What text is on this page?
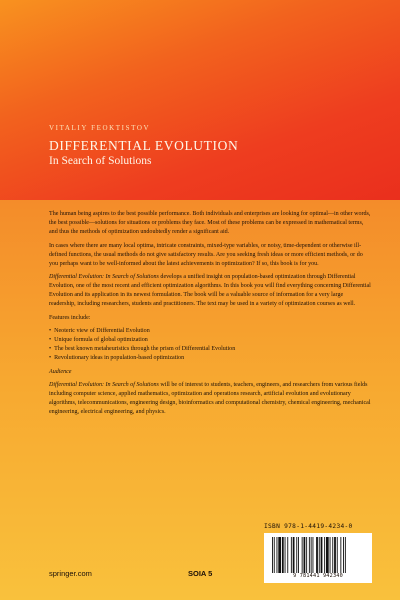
VITALIY FEOKTISTOV
DIFFERENTIAL EVOLUTION
In Search of Solutions

The human being aspires to the best possible performance. Both individuals and enterprises are looking for optimal—in other words, the best possible—solutions for situations or problems they face. Most of these problems can be expressed in mathematical terms, and thus the methods of optimization undoubtedly render a significant aid.

In cases where there are many local optima, intricate constraints, mixed-type variables, or noisy, time-dependent or otherwise ill-defined functions, the usual methods do not give satisfactory results. Are you seeking fresh ideas or more efficient methods, or do you perhaps want to be well-informed about the latest achievements in optimization? If so, this book is for you.

Differential Evolution: In Search of Solutions develops a unified insight on population-based optimization through Differential Evolution, one of the most recent and efficient optimization algorithms. In this book you will find everything concerning Differential Evolution and its application in its newest formulation. The book will be a valuable source of information for a very large readership, including researchers, students and practitioners. The text may be used in a variety of optimization courses as well.

Features include:

• Neoteric view of Differential Evolution
• Unique formula of global optimization
• The best known metaheuristics through the prism of Differential Evolution
• Revolutionary ideas in population-based optimization

Audience

Differential Evolution: In Search of Solutions will be of interest to students, teachers, engineers, and researchers from various fields including computer science, applied mathematics, optimization and operations research, artificial evolution and evolutionary algorithms, telecommunications, engineering design, bioinformatics and computational chemistry, chemical engineering, mechanical engineering, electrical engineering, and physics.

ISBN 978-1-4419-4234-0
9 781441 942340
springer.com	SOIA 5
